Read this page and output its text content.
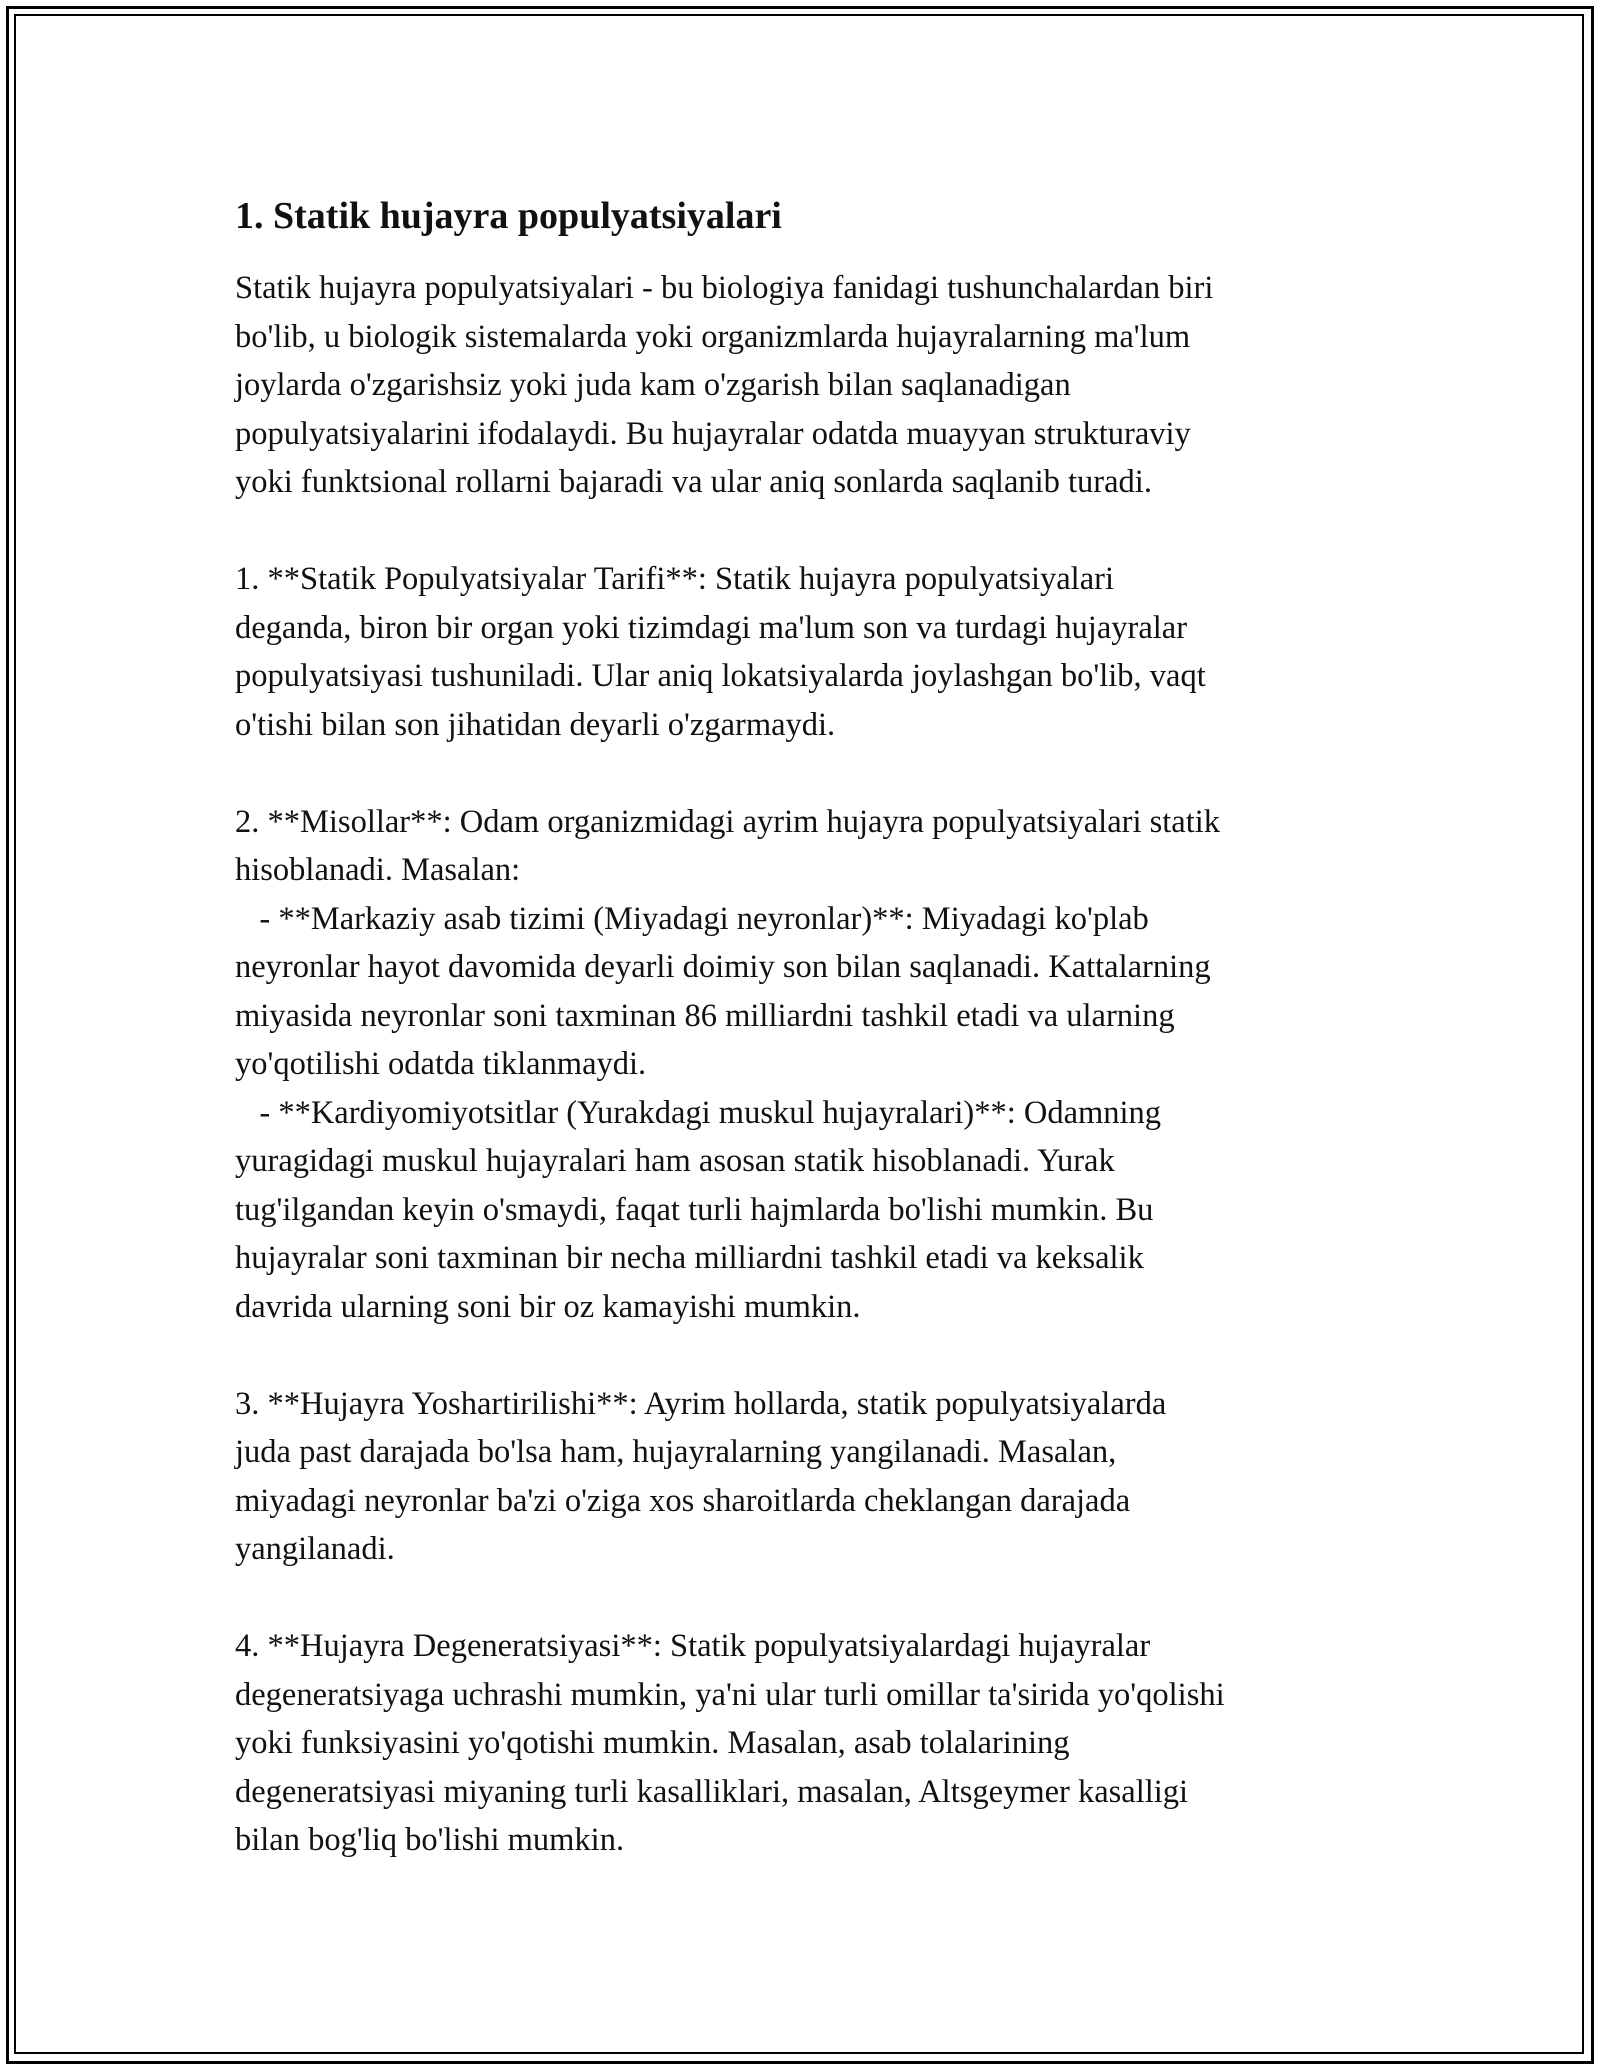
1. Statik hujayra populyatsiyalari
Statik hujayra populyatsiyalari - bu biologiya fanidagi tushunchalardan biri
bo'lib, u biologik sistemalarda yoki organizmlarda hujayralarning ma'lum
joylarda o'zgarishsiz yoki juda kam o'zgarish bilan saqlanadigan
populyatsiyalarini ifodalaydi. Bu hujayralar odatda muayyan strukturaviy
yoki funktsional rollarni bajaradi va ular aniq sonlarda saqlanib turadi.
1. **Statik Populyatsiyalar Tarifi**: Statik hujayra populyatsiyalari
deganda, biron bir organ yoki tizimdagi ma'lum son va turdagi hujayralar
populyatsiyasi tushuniladi. Ular aniq lokatsiyalarda joylashgan bo'lib, vaqt
o'tishi bilan son jihatidan deyarli o'zgarmaydi.
2. **Misollar**: Odam organizmidagi ayrim hujayra populyatsiyalari statik
hisoblanadi. Masalan:
- **Markaziy asab tizimi (Miyadagi neyronlar)**: Miyadagi ko'plab
neyronlar hayot davomida deyarli doimiy son bilan saqlanadi. Kattalarning
miyasida neyronlar soni taxminan 86 milliardni tashkil etadi va ularning
yo'qotilishi odatda tiklanmaydi.
- **Kardiyomiyotsitlar (Yurakdagi muskul hujayralari)**: Odamning
yuragidagi muskul hujayralari ham asosan statik hisoblanadi. Yurak
tug'ilgandan keyin o'smaydi, faqat turli hajmlarda bo'lishi mumkin. Bu
hujayralar soni taxminan bir necha milliardni tashkil etadi va keksalik
davrida ularning soni bir oz kamayishi mumkin.
3. **Hujayra Yoshartirilishi**: Ayrim hollarda, statik populyatsiyalarda
juda past darajada bo'lsa ham, hujayralarning yangilanadi. Masalan,
miyadagi neyronlar ba'zi o'ziga xos sharoitlarda cheklangan darajada
yangilanadi.
4. **Hujayra Degeneratsiyasi**: Statik populyatsiyalardagi hujayralar
degeneratsiyaga uchrashi mumkin, ya'ni ular turli omillar ta'sirida yo'qolishi
yoki funksiyasini yo'qotishi mumkin. Masalan, asab tolalarining
degeneratsiyasi miyaning turli kasalliklari, masalan, Altsgeymer kasalligi
bilan bog'liq bo'lishi mumkin.
